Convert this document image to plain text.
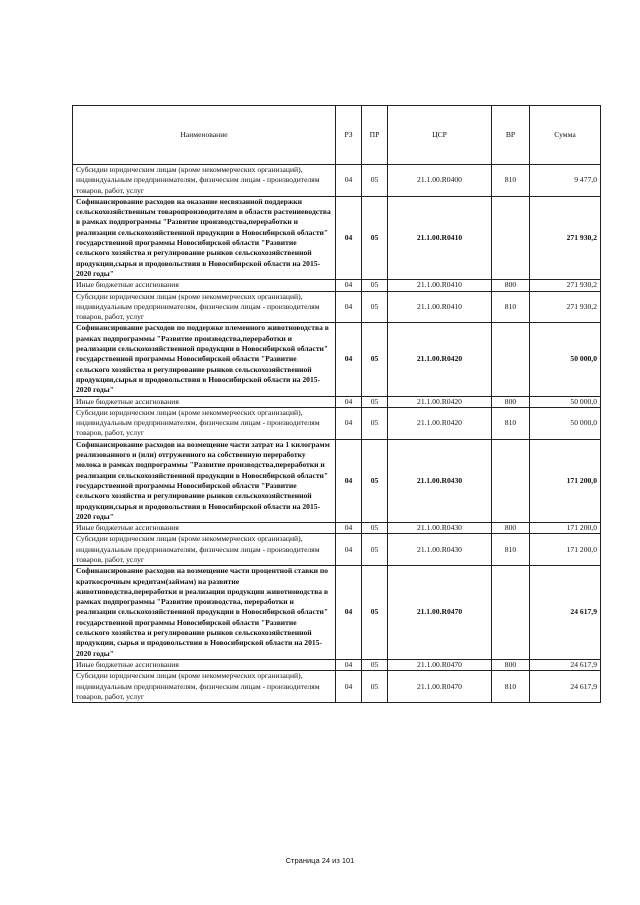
Наименование	РЗ	ПР	ЦСР	ВР	Сумма
Субсидии юридическим лицам (кроме некоммерческих организаций), индивидуальным предпринимателям, физическим лицам - производителям товаров, работ, услуг	04	05	21.1.00.R0400	810	9 477,0
Софинансирование расходов на оказание несвязанной поддержки сельскохозяйственным товаропроизводителям в области растениеводства в рамках подпрограммы "Развитие производства,переработки и реализации сельскохозяйственной продукции в Новосибирской области" государственной программы Новосибирской области "Развитие сельского хозяйства и регулирование рынков сельскохозяйственной продукции,сырья и продовольствия в Новосибирской области на 2015-2020 годы"	04	05	21.1.00.R0410		271 930,2
Иные бюджетные ассигнования	04	05	21.1.00.R0410	800	271 930,2
Субсидии юридическим лицам (кроме некоммерческих организаций), индивидуальным предпринимателям, физическим лицам - производителям товаров, работ, услуг	04	05	21.1.00.R0410	810	271 930,2
Софинансирование расходов по поддержке племенного животноводства в рамках подпрограммы "Развитие производства,переработки и реализации сельскохозяйственной продукции в Новосибирской области" государственной программы Новосибирской области "Развитие сельского хозяйства и регулирование рынков сельскохозяйственной продукции,сырья и продовольствия в Новосибирской области на 2015-2020 годы"	04	05	21.1.00.R0420		50 000,0
Иные бюджетные ассигнования	04	05	21.1.00.R0420	800	50 000,0
Субсидии юридическим лицам (кроме некоммерческих организаций), индивидуальным предпринимателям, физическим лицам - производителям товаров, работ, услуг	04	05	21.1.00.R0420	810	50 000,0
Софинансирование расходов на возмещение части затрат на 1 килограмм реализованного и (или) отгруженного на собственную переработку молока в рамках подпрограммы "Развитие производства,переработки и реализации сельскохозяйственной продукции в Новосибирской области" государственной программы Новосибирской области "Развитие сельского хозяйства и регулирование рынков сельскохозяйственной продукции,сырья и продовольствия в Новосибирской области на 2015-2020 годы"	04	05	21.1.00.R0430		171 200,0
Иные бюджетные ассигнования	04	05	21.1.00.R0430	800	171 200,0
Субсидии юридическим лицам (кроме некоммерческих организаций), индивидуальным предпринимателям, физическим лицам - производителям товаров, работ, услуг	04	05	21.1.00.R0430	810	171 200,0
Софинансирование расходов на возмещение части процентной ставки по краткосрочным кредитам(займам) на развитие животноводства,переработки и реализации продукции животноводства в рамках подпрограммы "Развитие производства, переработки и реализации сельскохозяйственной продукции в Новосибирской области" государственной программы Новосибирской области "Развитие сельского хозяйства и регулирование рынков сельскохозяйственной продукции, сырья и продовольствия в Новосибирской области на 2015-2020 годы"	04	05	21.1.00.R0470		24 617,9
Иные бюджетные ассигнования	04	05	21.1.00.R0470	800	24 617,9
Субсидии юридическим лицам (кроме некоммерческих организаций), индивидуальным предпринимателям, физическим лицам - производителям товаров, работ, услуг	04	05	21.1.00.R0470	810	24 617,9
Страница 24 из 101
